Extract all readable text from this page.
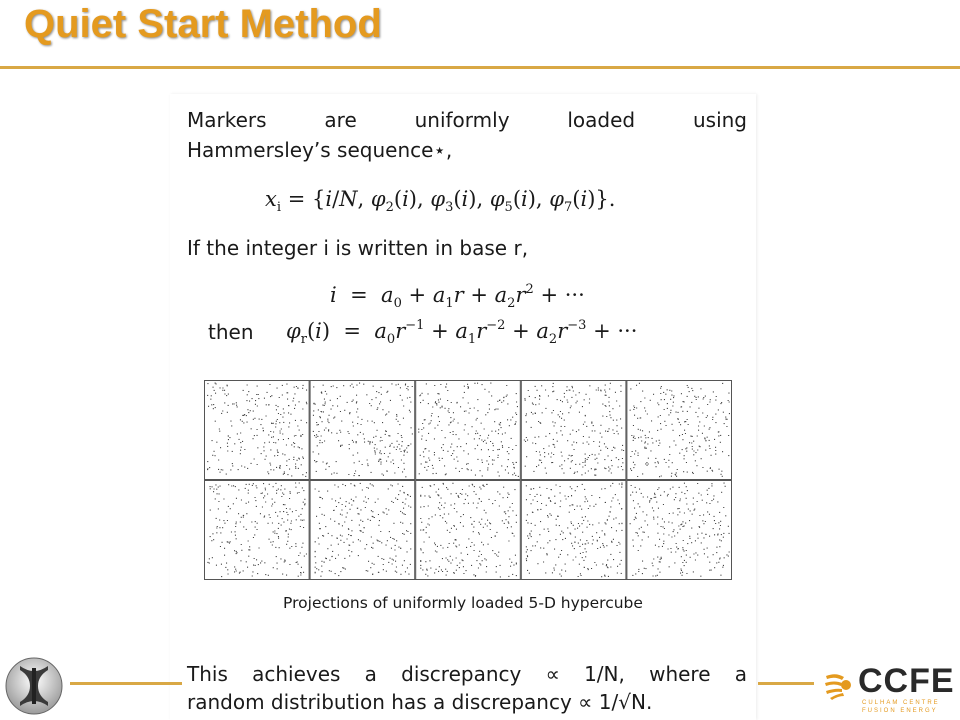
Quiet Start Method
Markers	are	uniformly	loaded	using
Hammersley’s sequence⋆,
$x_i = \{i/N$, $\varphi_2(i)$, $\varphi_3(i)$, $\varphi_5(i)$, $\varphi_7(i)$}.
If the integer i is written in base r,
$i = a_0 + a_1r + a_2r^2$ + ···
then	$\varphi_r(i) = a_0r^{-1} + a_1r^{-2} + a_2r^{-3}$ + ···
Projections of uniformly loaded 5-D hypercube
This achieves a discrepancy ∝ 1/N, where a
random distribution has a discrepancy ∝ 1/√N.
CCFE
CULHAM CENTRE
FUSION ENERGY
